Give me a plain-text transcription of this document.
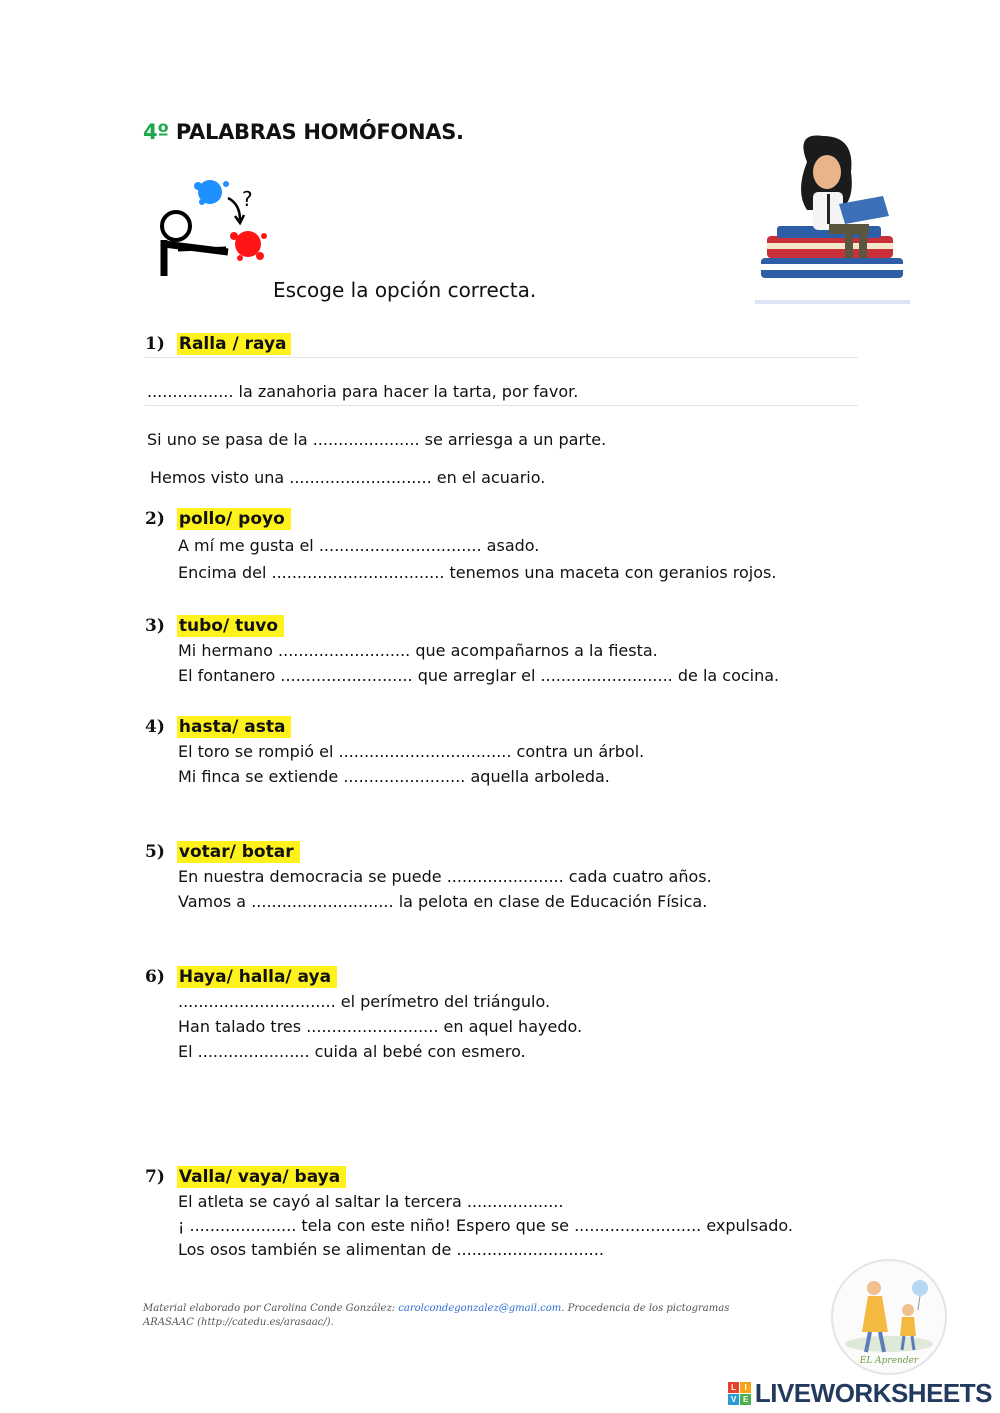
4º PALABRAS HOMÓFONAS.
?
Escoge la opción correcta.
1) Ralla / raya
................. la zanahoria para hacer la tarta, por favor.
Si uno se pasa de la ..................... se arriesga a un parte.
Hemos visto una ............................ en el acuario.
2) pollo/ poyo
A mí me gusta el ................................ asado.
Encima del .................................. tenemos una maceta con geranios rojos.
3) tubo/ tuvo
Mi hermano .......................... que acompañarnos a la fiesta.
El fontanero .......................... que arreglar el .......................... de la cocina.
4) hasta/ asta
El toro se rompió el .................................. contra un árbol.
Mi finca se extiende ........................ aquella arboleda.
5) votar/ botar
En nuestra democracia se puede ....................... cada cuatro años.
Vamos a ............................ la pelota en clase de Educación Física.
6) Haya/ halla/ aya
............................... el perímetro del triángulo.
Han talado tres .......................... en aquel hayedo.
El ...................... cuida al bebé con esmero.
7) Valla/ vaya/ baya
El atleta se cayó al saltar la tercera ...................
¡ ..................... tela con este niño! Espero que se ......................... expulsado.
Los osos también se alimentan de .............................
Material elaborado por Carolina Conde González: carolcondegonzalez@gmail.com. Procedencia de los pictogramas ARASAAC (http://catedu.es/arasaac/).
EL Aprender
L	I
V E LIVEWORKSHEETS
